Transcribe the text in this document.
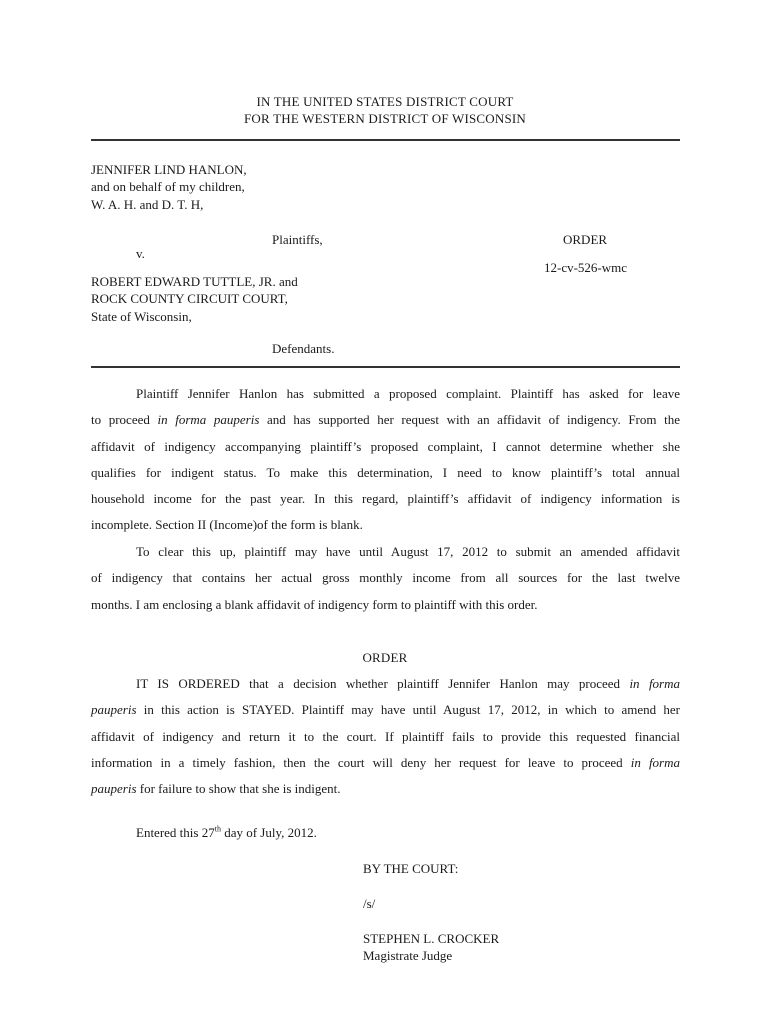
IN THE UNITED STATES DISTRICT COURT
FOR THE WESTERN DISTRICT OF WISCONSIN
JENNIFER LIND HANLON,
and on behalf of my children,
W. A. H. and D. T. H,
Plaintiffs,
v.
ORDER
12-cv-526-wmc
ROBERT EDWARD TUTTLE, JR. and
ROCK COUNTY CIRCUIT COURT,
State of Wisconsin,
Defendants.
Plaintiff Jennifer Hanlon has submitted a proposed complaint. Plaintiff has asked for leave
to proceed in forma pauperis and has supported her request with an affidavit of indigency. From the
affidavit of indigency accompanying plaintiff’s proposed complaint, I cannot determine whether she
qualifies for indigent status. To make this determination, I need to know plaintiff’s total annual
household income for the past year. In this regard, plaintiff’s affidavit of indigency information is
incomplete. Section II (Income)of the form is blank.
To clear this up, plaintiff may have until August 17, 2012 to submit an amended affidavit
of indigency that contains her actual gross monthly income from all sources for the last twelve
months. I am enclosing a blank affidavit of indigency form to plaintiff with this order.
ORDER
IT IS ORDERED that a decision whether plaintiff Jennifer Hanlon may proceed in forma
pauperis in this action is STAYED. Plaintiff may have until August 17, 2012, in which to amend her
affidavit of indigency and return it to the court. If plaintiff fails to provide this requested financial
information in a timely fashion, then the court will deny her request for leave to proceed in forma
pauperis for failure to show that she is indigent.
Entered this 27th day of July, 2012.
BY THE COURT:
/s/
STEPHEN L. CROCKER
Magistrate Judge
